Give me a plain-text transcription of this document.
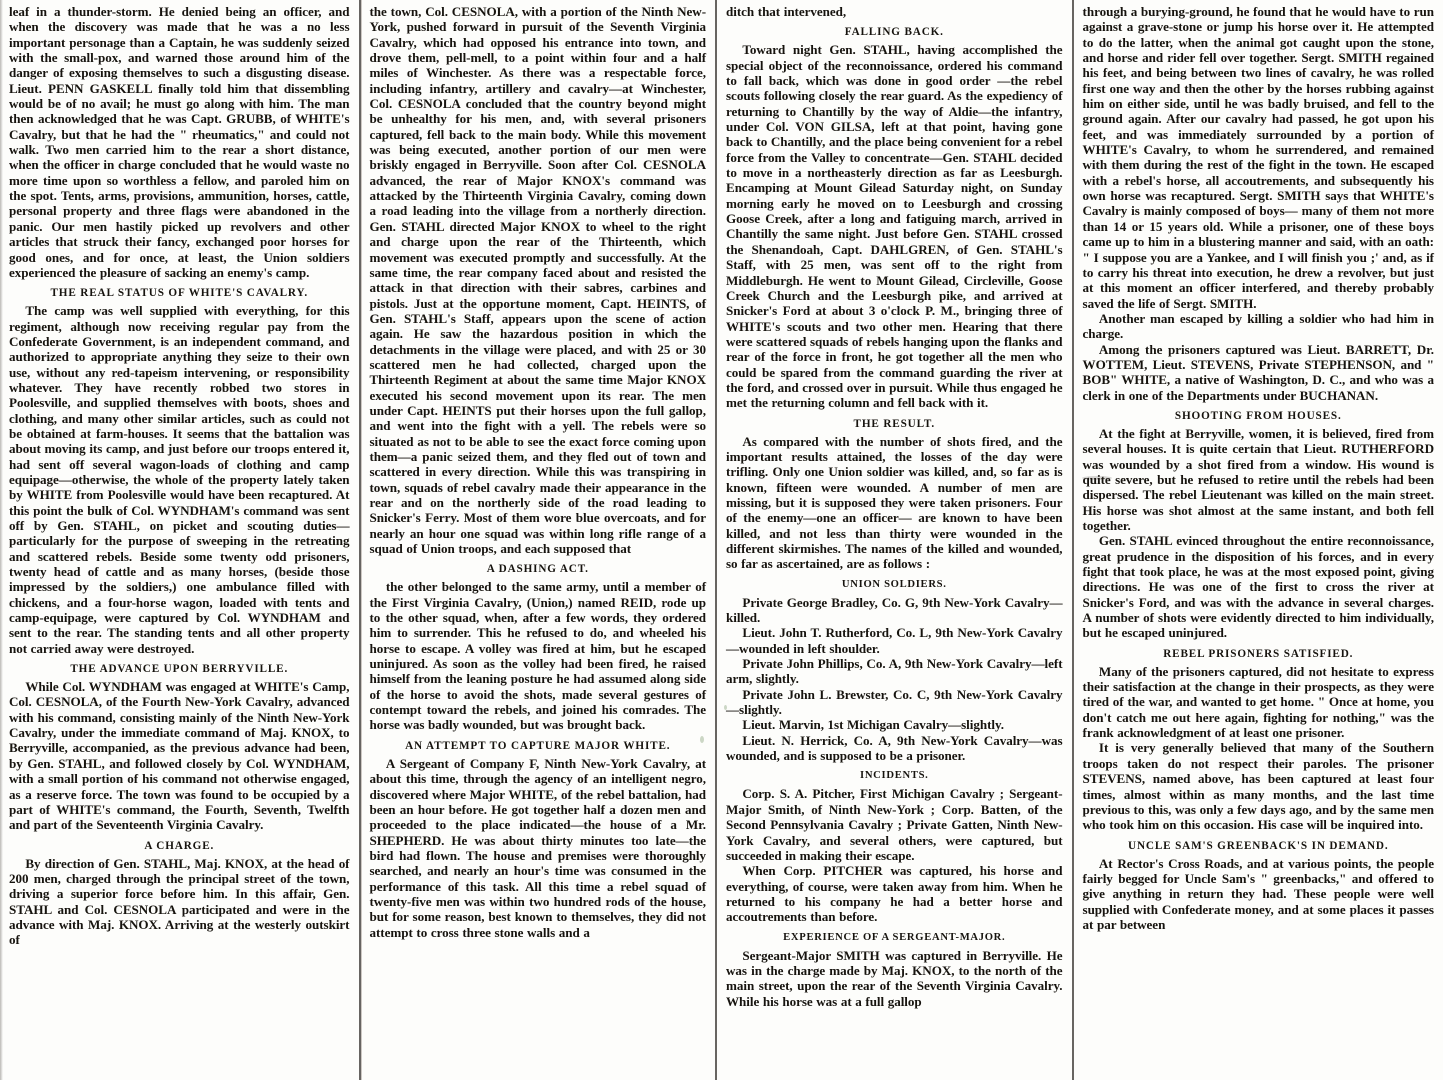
leaf in a thunder-storm. He denied being an officer, and when the discovery was made that he was a no less important personage than a Captain, he was suddenly seized with the small-pox, and warned those around him of the danger of exposing themselves to such a disgusting disease. Lieut. PENN GASKELL finally told him that dissembling would be of no avail; he must go along with him. The man then acknowledged that he was Capt. GRUBB, of WHITE's Cavalry, but that he had the " rheumatics," and could not walk. Two men carried him to the rear a short distance, when the officer in charge concluded that he would waste no more time upon so worthless a fellow, and paroled him on the spot. Tents, arms, provisions, ammunition, horses, cattle, personal property and three flags were abandoned in the panic. Our men hastily picked up revolvers and other articles that struck their fancy, exchanged poor horses for good ones, and for once, at least, the Union soldiers experienced the pleasure of sacking an enemy's camp.

THE REAL STATUS OF WHITE'S CAVALRY.

The camp was well supplied with everything, for this regiment, although now receiving regular pay from the Confederate Government, is an independent command, and authorized to appropriate anything they seize to their own use, without any red-tapeism intervening, or responsibility whatever. They have recently robbed two stores in Poolesville, and supplied themselves with boots, shoes and clothing, and many other similar articles, such as could not be obtained at farm-houses. It seems that the battalion was about moving its camp, and just before our troops entered it, had sent off several wagon-loads of clothing and camp equipage—otherwise, the whole of the property lately taken by WHITE from Poolesville would have been recaptured. At this point the bulk of Col. WYNDHAM's command was sent off by Gen. STAHL, on picket and scouting duties—particularly for the purpose of sweeping in the retreating and scattered rebels. Beside some twenty odd prisoners, twenty head of cattle and as many horses, (beside those impressed by the soldiers,) one ambulance filled with chickens, and a four-horse wagon, loaded with tents and camp-equipage, were captured by Col. WYNDHAM and sent to the rear. The standing tents and all other property not carried away were destroyed.

THE ADVANCE UPON BERRYVILLE.

While Col. WYNDHAM was engaged at WHITE's Camp, Col. CESNOLA, of the Fourth New-York Cavalry, advanced with his command, consisting mainly of the Ninth New-York Cavalry, under the immediate command of Maj. KNOX, to Berryville, accompanied, as the previous advance had been, by Gen. STAHL, and followed closely by Col. WYNDHAM, with a small portion of his command not otherwise engaged, as a reserve force. The town was found to be occupied by a part of WHITE's command, the Fourth, Seventh, Twelfth and part of the Seventeenth Virginia Cavalry.

A CHARGE.

By direction of Gen. STAHL, Maj. KNOX, at the head of 200 men, charged through the principal street of the town, driving a superior force before him. In this affair, Gen. STAHL and Col. CESNOLA participated and were in the advance with Maj. KNOX. Arriving at the westerly outskirt of

the town, Col. CESNOLA, with a portion of the Ninth New-York, pushed forward in pursuit of the Seventh Virginia Cavalry, which had opposed his entrance into town, and drove them, pell-mell, to a point within four and a half miles of Winchester. As there was a respectable force, including infantry, artillery and cavalry—at Winchester, Col. CESNOLA concluded that the country beyond might be unhealthy for his men, and, with several prisoners captured, fell back to the main body. While this movement was being executed, another portion of our men were briskly engaged in Berryville. Soon after Col. CESNOLA advanced, the rear of Major KNOX's command was attacked by the Thirteenth Virginia Cavalry, coming down a road leading into the village from a northerly direction. Gen. STAHL directed Major KNOX to wheel to the right and charge upon the rear of the Thirteenth, which movement was executed promptly and successfully. At the same time, the rear company faced about and resisted the attack in that direction with their sabres, carbines and pistols. Just at the opportune moment, Capt. HEINTS, of Gen. STAHL's Staff, appears upon the scene of action again. He saw the hazardous position in which the detachments in the village were placed, and with 25 or 30 scattered men he had collected, charged upon the Thirteenth Regiment at about the same time Major KNOX executed his second movement upon its rear. The men under Capt. HEINTS put their horses upon the full gallop, and went into the fight with a yell. The rebels were so situated as not to be able to see the exact force coming upon them—a panic seized them, and they fled out of town and scattered in every direction. While this was transpiring in town, squads of rebel cavalry made their appearance in the rear and on the northerly side of the road leading to Snicker's Ferry. Most of them wore blue overcoats, and for nearly an hour one squad was within long rifle range of a squad of Union troops, and each supposed that

A DASHING ACT.

the other belonged to the same army, until a member of the First Virginia Cavalry, (Union,) named REID, rode up to the other squad, when, after a few words, they ordered him to surrender. This he refused to do, and wheeled his horse to escape. A volley was fired at him, but he escaped uninjured. As soon as the volley had been fired, he raised himself from the leaning posture he had assumed along side of the horse to avoid the shots, made several gestures of contempt toward the rebels, and joined his comrades. The horse was badly wounded, but was brought back.

AN ATTEMPT TO CAPTURE MAJOR WHITE.

A Sergeant of Company F, Ninth New-York Cavalry, at about this time, through the agency of an intelligent negro, discovered where Major WHITE, of the rebel battalion, had been an hour before. He got together half a dozen men and proceeded to the place indicated—the house of a Mr. SHEPHERD. He was about thirty minutes too late—the bird had flown. The house and premises were thoroughly searched, and nearly an hour's time was consumed in the performance of this task. All this time a rebel squad of twenty-five men was within two hundred rods of the house, but for some reason, best known to themselves, they did not attempt to cross three stone walls and a

ditch that intervened,

FALLING BACK.

Toward night Gen. STAHL, having accomplished the special object of the reconnoissance, ordered his command to fall back, which was done in good order —the rebel scouts following closely the rear guard. As the expediency of returning to Chantilly by the way of Aldie—the infantry, under Col. VON GILSA, left at that point, having gone back to Chantilly, and the place being convenient for a rebel force from the Valley to concentrate—Gen. STAHL decided to move in a northeasterly direction as far as Leesburgh. Encamping at Mount Gilead Saturday night, on Sunday morning early he moved on to Leesburgh and crossing Goose Creek, after a long and fatiguing march, arrived in Chantilly the same night. Just before Gen. STAHL crossed the Shenandoah, Capt. DAHLGREN, of Gen. STAHL's Staff, with 25 men, was sent off to the right from Middleburgh. He went to Mount Gilead, Circleville, Goose Creek Church and the Leesburgh pike, and arrived at Snicker's Ford at about 3 o'clock P. M., bringing three of WHITE's scouts and two other men. Hearing that there were scattered squads of rebels hanging upon the flanks and rear of the force in front, he got together all the men who could be spared from the command guarding the river at the ford, and crossed over in pursuit. While thus engaged he met the returning column and fell back with it.

THE RESULT.

As compared with the number of shots fired, and the important results attained, the losses of the day were trifling. Only one Union soldier was killed, and, so far as is known, fifteen were wounded. A number of men are missing, but it is supposed they were taken prisoners. Four of the enemy—one an officer— are known to have been killed, and not less than thirty were wounded in the different skirmishes. The names of the killed and wounded, so far as ascertained, are as follows :

UNION SOLDIERS.

Private George Bradley, Co. G, 9th New-York Cavalry—killed.

Lieut. John T. Rutherford, Co. L, 9th New-York Cavalry—wounded in left shoulder.

Private John Phillips, Co. A, 9th New-York Cavalry—left arm, slightly.

Private John L. Brewster, Co. C, 9th New-York Cavalry—slightly.

Lieut. Marvin, 1st Michigan Cavalry—slightly.

Lieut. N. Herrick, Co. A, 9th New-York Cavalry—was wounded, and is supposed to be a prisoner.

INCIDENTS.

Corp. S. A. Pitcher, First Michigan Cavalry ; Sergeant-Major Smith, of Ninth New-York ; Corp. Batten, of the Second Pennsylvania Cavalry ; Private Gatten, Ninth New-York Cavalry, and several others, were captured, but succeeded in making their escape.

When Corp. PITCHER was captured, his horse and everything, of course, were taken away from him. When he returned to his company he had a better horse and accoutrements than before.

EXPERIENCE OF A SERGEANT-MAJOR.

Sergeant-Major SMITH was captured in Berryville. He was in the charge made by Maj. KNOX, to the north of the main street, upon the rear of the Seventh Virginia Cavalry. While his horse was at a full gallop

through a burying-ground, he found that he would have to run against a grave-stone or jump his horse over it. He attempted to do the latter, when the animal got caught upon the stone, and horse and rider fell over together. Sergt. SMITH regained his feet, and being between two lines of cavalry, he was rolled first one way and then the other by the horses rubbing against him on either side, until he was badly bruised, and fell to the ground again. After our cavalry had passed, he got upon his feet, and was immediately surrounded by a portion of WHITE's Cavalry, to whom he surrendered, and remained with them during the rest of the fight in the town. He escaped with a rebel's horse, all accoutrements, and subsequently his own horse was recaptured. Sergt. SMITH says that WHITE's Cavalry is mainly composed of boys— many of them not more than 14 or 15 years old. While a prisoner, one of these boys came up to him in a blustering manner and said, with an oath: " I suppose you are a Yankee, and I will finish you ;' and, as if to carry his threat into execution, he drew a revolver, but just at this moment an officer interfered, and thereby probably saved the life of Sergt. SMITH.

Another man escaped by killing a soldier who had him in charge.

Among the prisoners captured was Lieut. BARRETT, Dr. WOTTEM, Lieut. STEVENS, Private STEPHENSON, and " BOB" WHITE, a native of Washington, D. C., and who was a clerk in one of the Departments under BUCHANAN.

SHOOTING FROM HOUSES.

At the fight at Berryville, women, it is believed, fired from several houses. It is quite certain that Lieut. RUTHERFORD was wounded by a shot fired from a window. His wound is quite severe, but he refused to retire until the rebels had been dispersed. The rebel Lieutenant was killed on the main street. His horse was shot almost at the same instant, and both fell together.

Gen. STAHL evinced throughout the entire reconnoissance, great prudence in the disposition of his forces, and in every fight that took place, he was at the most exposed point, giving directions. He was one of the first to cross the river at Snicker's Ford, and was with the advance in several charges. A number of shots were evidently directed to him individually, but he escaped uninjured.

REBEL PRISONERS SATISFIED.

Many of the prisoners captured, did not hesitate to express their satisfaction at the change in their prospects, as they were tired of the war, and wanted to get home. " Once at home, you don't catch me out here again, fighting for nothing," was the frank acknowledgment of at least one prisoner.

It is very generally believed that many of the Southern troops taken do not respect their paroles. The prisoner STEVENS, named above, has been captured at least four times, almost within as many months, and the last time previous to this, was only a few days ago, and by the same men who took him on this occasion. His case will be inquired into.

UNCLE SAM'S GREENBACK'S IN DEMAND.

At Rector's Cross Roads, and at various points, the people fairly begged for Uncle Sam's " greenbacks," and offered to give anything in return they had. These people were well supplied with Confederate money, and at some places it passes at par between
